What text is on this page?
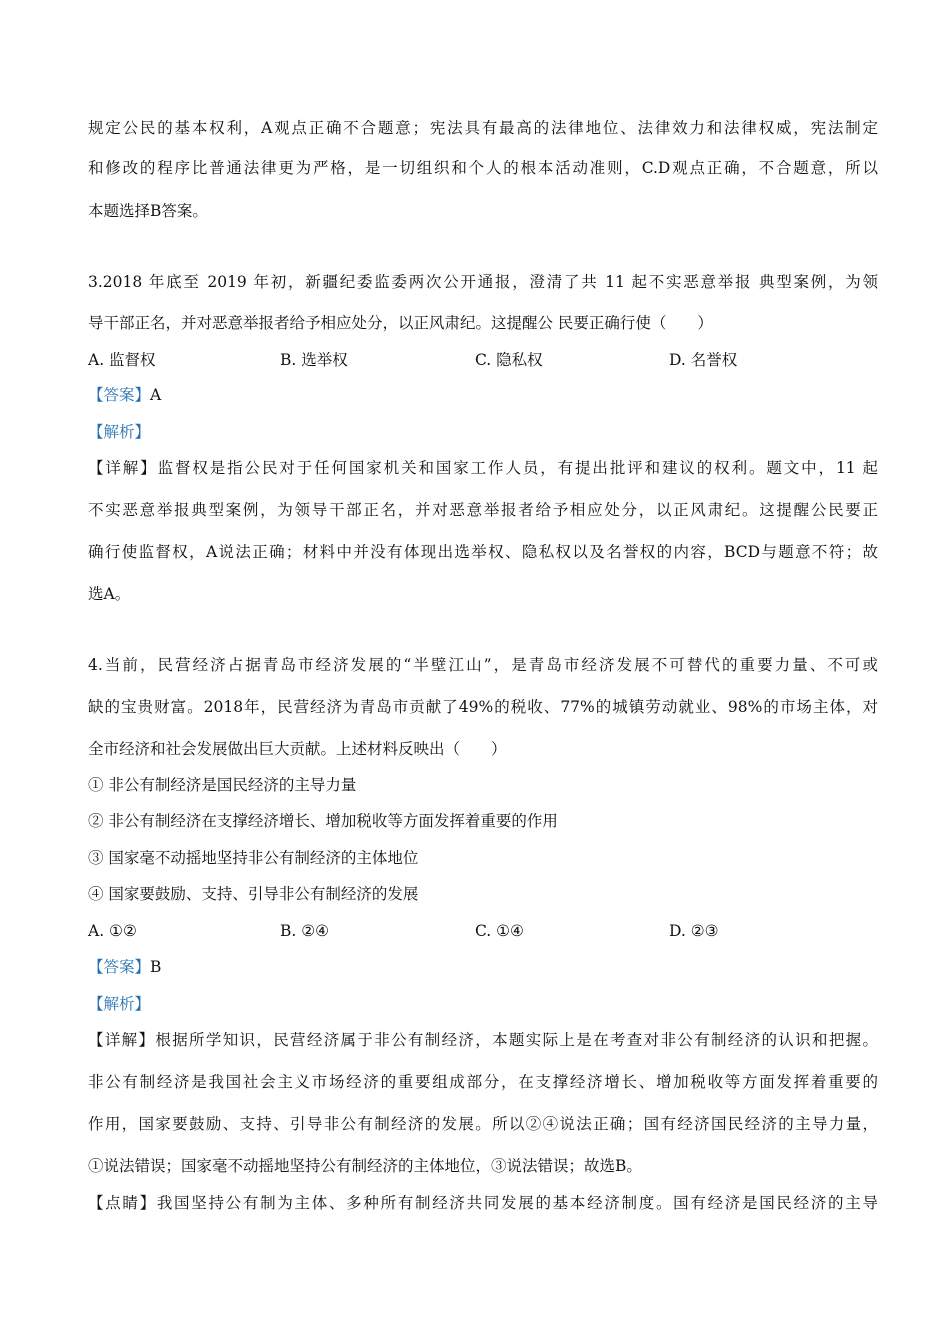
规定公民的基本权利，A观点正确不合题意；宪法具有最高的法律地位、法律效力和法律权威，宪法制定
和修改的程序比普通法律更为严格，是一切组织和个人的根本活动准则，C.D观点正确，不合题意，所以
本题选择B答案。
3.2018 年底至 2019 年初，新疆纪委监委两次公开通报，澄清了共 11 起不实恶意举报 典型案例，为领
导干部正名，并对恶意举报者给予相应处分，以正风肃纪。这提醒公 民要正确行使（　　）
A. 监督权	B. 选举权	C. 隐私权	D. 名誉权
【答案】A
【解析】
【详解】监督权是指公民对于任何国家机关和国家工作人员，有提出批评和建议的权利。题文中，11 起
不实恶意举报典型案例，为领导干部正名，并对恶意举报者给予相应处分，以正风肃纪。这提醒公民要正
确行使监督权，A说法正确；材料中并没有体现出选举权、隐私权以及名誉权的内容，BCD与题意不符；故
选A。
4.当前，民营经济占据青岛市经济发展的“半壁江山”，是青岛市经济发展不可替代的重要力量、不可或
缺的宝贵财富。2018年，民营经济为青岛市贡献了49%的税收、77%的城镇劳动就业、98%的市场主体，对
全市经济和社会发展做出巨大贡献。上述材料反映出（　　）
① 非公有制经济是国民经济的主导力量
② 非公有制经济在支撑经济增长、增加税收等方面发挥着重要的作用
③ 国家毫不动摇地坚持非公有制经济的主体地位
④ 国家要鼓励、支持、引导非公有制经济的发展
A. ①②	B. ②④	C. ①④	D. ②③
【答案】B
【解析】
【详解】根据所学知识，民营经济属于非公有制经济，本题实际上是在考查对非公有制经济的认识和把握。
非公有制经济是我国社会主义市场经济的重要组成部分，在支撑经济增长、增加税收等方面发挥着重要的
作用，国家要鼓励、支持、引导非公有制经济的发展。所以②④说法正确；国有经济国民经济的主导力量，
①说法错误；国家毫不动摇地坚持公有制经济的主体地位，③说法错误；故选B。
【点睛】我国坚持公有制为主体、多种所有制经济共同发展的基本经济制度。国有经济是国民经济的主导
